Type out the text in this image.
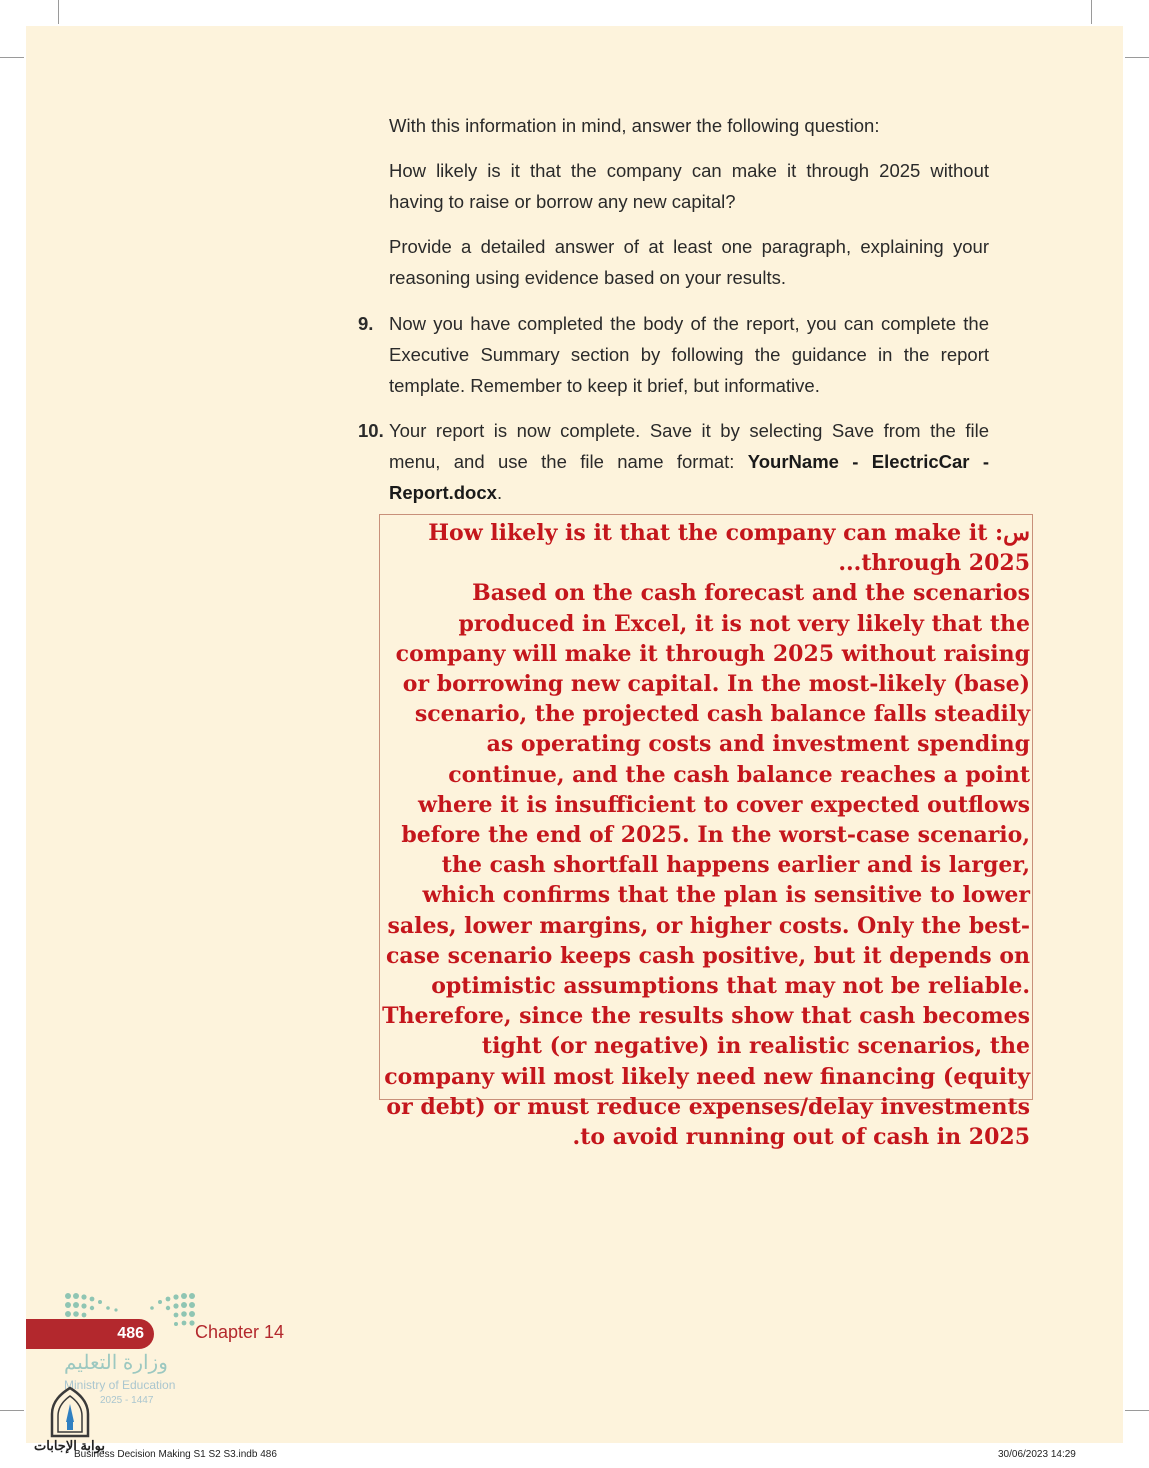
With this information in mind, answer the following question:
How likely is it that the company can make it through 2025 without having to raise or borrow any new capital?
Provide a detailed answer of at least one paragraph, explaining your reasoning using evidence based on your results.
9. Now you have completed the body of the report, you can complete the Executive Summary section by following the guidance in the report template. Remember to keep it brief, but informative.
10. Your report is now complete. Save it by selecting Save from the file menu, and use the file name format: YourName - ElectricCar - Report.docx.
س: How likely is it that the company can make it through 2025...
Based on the cash forecast and the scenarios produced in Excel, it is not very likely that the company will make it through 2025 without raising or borrowing new capital. In the most-likely (base) scenario, the projected cash balance falls steadily as operating costs and investment spending continue, and the cash balance reaches a point where it is insufficient to cover expected outflows before the end of 2025. In the worst-case scenario, the cash shortfall happens earlier and is larger, which confirms that the plan is sensitive to lower sales, lower margins, or higher costs. Only the best-case scenario keeps cash positive, but it depends on optimistic assumptions that may not be reliable. Therefore, since the results show that cash becomes tight (or negative) in realistic scenarios, the company will most likely need new financing (equity or debt) or must reduce expenses/delay investments to avoid running out of cash in 2025.
486	Chapter 14
وزارة التعليم
Ministry of Education
2025 - 1447
بوابة الإجابات
Business Decision Making S1 S2 S3.indb 486	30/06/2023 14:29
